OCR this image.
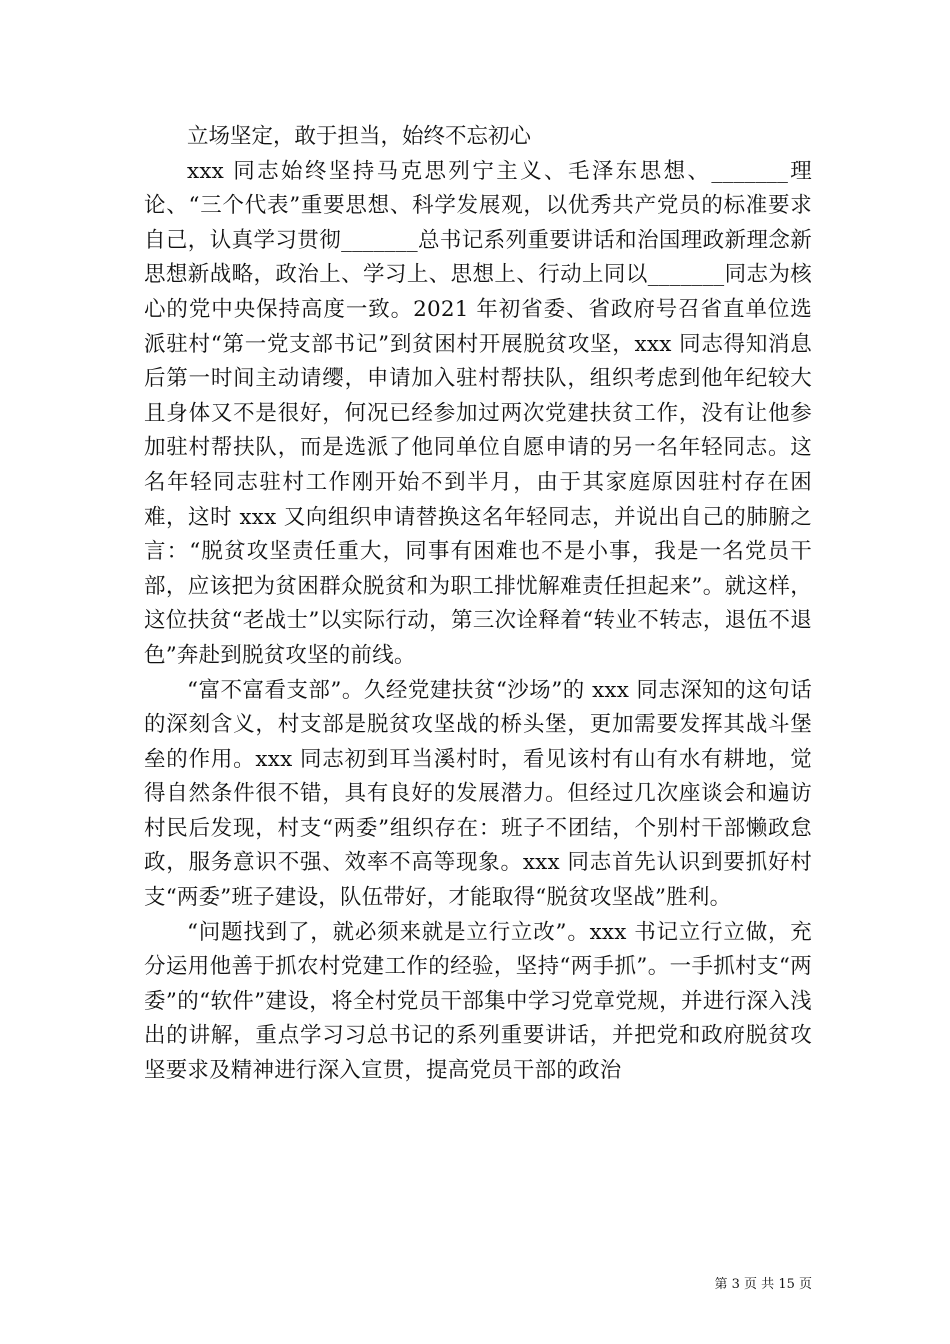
立场坚定，敢于担当，始终不忘初心

xxx 同志始终坚持马克思列宁主义、毛泽东思想、_______理论、“三个代表”重要思想、科学发展观，以优秀共产党员的标准要求自己，认真学习贯彻_______总书记系列重要讲话和治国理政新理念新思想新战略，政治上、学习上、思想上、行动上同以_______同志为核心的党中央保持高度一致。2021 年初省委、省政府号召省直单位选派驻村“第一党支部书记”到贫困村开展脱贫攻坚，xxx 同志得知消息后第一时间主动请缨，申请加入驻村帮扶队，组织考虑到他年纪较大且身体又不是很好，何况已经参加过两次党建扶贫工作，没有让他参加驻村帮扶队，而是选派了他同单位自愿申请的另一名年轻同志。这名年轻同志驻村工作刚开始不到半月，由于其家庭原因驻村存在困难，这时 xxx 又向组织申请替换这名年轻同志，并说出自己的肺腑之言：“脱贫攻坚责任重大，同事有困难也不是小事，我是一名党员干部，应该把为贫困群众脱贫和为职工排忧解难责任担起来”。就这样，这位扶贫“老战士”以实际行动，第三次诠释着“转业不转志，退伍不退色”奔赴到脱贫攻坚的前线。

“富不富看支部”。久经党建扶贫“沙场”的 xxx 同志深知的这句话的深刻含义，村支部是脱贫攻坚战的桥头堡，更加需要发挥其战斗堡垒的作用。xxx 同志初到耳当溪村时，看见该村有山有水有耕地，觉得自然条件很不错，具有良好的发展潜力。但经过几次座谈会和遍访村民后发现，村支“两委”组织存在：班子不团结，个别村干部懒政怠政，服务意识不强、效率不高等现象。xxx 同志首先认识到要抓好村支“两委”班子建设，队伍带好，才能取得“脱贫攻坚战”胜利。

“问题找到了，就必须来就是立行立改”。xxx 书记立行立做，充分运用他善于抓农村党建工作的经验，坚持“两手抓”。一手抓村支“两委”的“软件”建设，将全村党员干部集中学习党章党规，并进行深入浅出的讲解，重点学习习总书记的系列重要讲话，并把党和政府脱贫攻坚要求及精神进行深入宣贯，提高党员干部的政治

第 3 页 共 15 页
